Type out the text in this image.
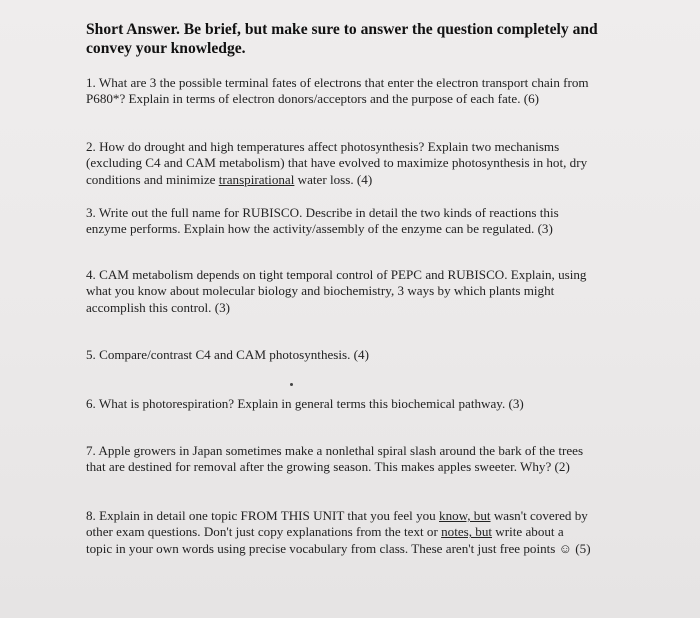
Short Answer. Be brief, but make sure to answer the question completely and
convey your knowledge.
1. What are 3 the possible terminal fates of electrons that enter the electron transport chain from
P680*? Explain in terms of electron donors/acceptors and the purpose of each fate. (6)
2. How do drought and high temperatures affect photosynthesis? Explain two mechanisms
(excluding C4 and CAM metabolism) that have evolved to maximize photosynthesis in hot, dry
conditions and minimize transpirational water loss. (4)
3. Write out the full name for RUBISCO. Describe in detail the two kinds of reactions this
enzyme performs. Explain how the activity/assembly of the enzyme can be regulated. (3)
4. CAM metabolism depends on tight temporal control of PEPC and RUBISCO. Explain, using
what you know about molecular biology and biochemistry, 3 ways by which plants might
accomplish this control. (3)
5. Compare/contrast C4 and CAM photosynthesis. (4)
6. What is photorespiration? Explain in general terms this biochemical pathway. (3)
7. Apple growers in Japan sometimes make a nonlethal spiral slash around the bark of the trees
that are destined for removal after the growing season. This makes apples sweeter. Why? (2)
8. Explain in detail one topic FROM THIS UNIT that you feel you know, but wasn't covered by
other exam questions. Don't just copy explanations from the text or notes, but write about a
topic in your own words using precise vocabulary from class. These aren't just free points ☺ (5)
